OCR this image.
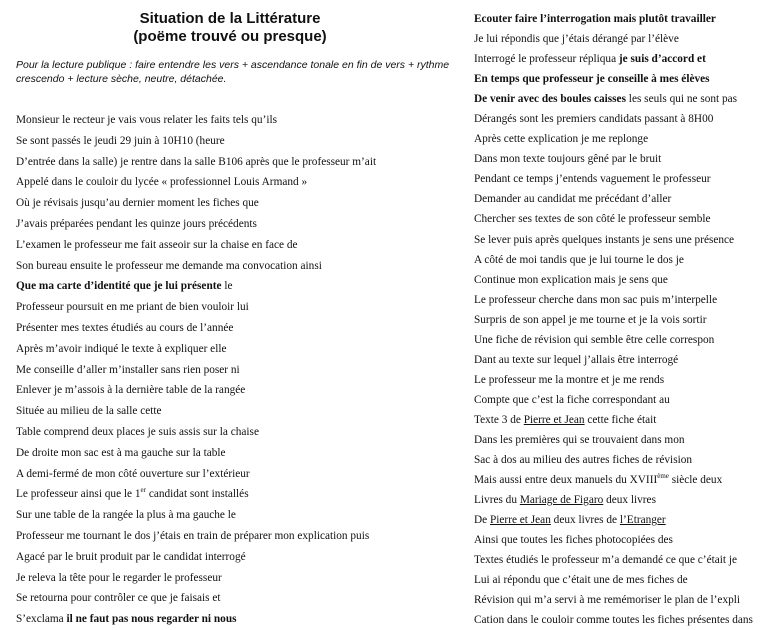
Situation de la Littérature
(poëme trouvé ou presque)
Pour la lecture publique : faire entendre les vers + ascendance tonale en fin de vers + rythme crescendo + lecture sèche, neutre, détachée.
Monsieur le recteur je vais vous relater les faits tels qu’ils
Se sont passés le jeudi 29 juin à 10H10 (heure
D’entrée dans la salle) je rentre dans la salle B106 après que le professeur m’ait
Appelé dans le couloir du lycée « professionnel Louis Armand »
Où je révisais jusqu’au dernier moment les fiches que
J’avais préparées pendant les quinze jours précédents
L’examen le professeur me fait asseoir sur la chaise en face de
Son bureau ensuite le professeur me demande ma convocation ainsi
Que ma carte d’identité que je lui présente le
Professeur poursuit en me priant de bien vouloir lui
Présenter mes textes étudiés au cours de l’année
Après m’avoir indiqué le texte à expliquer elle
Me conseille d’aller m’installer sans rien poser ni
Enlever je m’assois à la dernière table de la rangée
Située au milieu de la salle cette
Table comprend deux places je suis assis sur la chaise
De droite mon sac est à ma gauche sur la table
A demi-fermé de mon côté ouverture sur l’extérieur
Le professeur ainsi que le 1er candidat sont installés
Sur une table de la rangée la plus à ma gauche le
Professeur me tournant le dos j’étais en train de préparer mon explication puis
Agacé par le bruit produit par le candidat interrogé
Je releva la tête pour le regarder le professeur
Se retourna pour contrôler ce que je faisais et
S’exclama il ne faut pas nous regarder ni nous
Ecouter faire l’interrogation mais plutôt travailler
Je lui répondis que j’étais dérangé par l’élève
Interrogé le professeur répliqua je suis d’accord et
En temps que professeur je conseille à mes élèves
De venir avec des boules caisses les seuls qui ne sont pas
Dérangés sont les premiers candidats passant à 8H00
Après cette explication je me replonge
Dans mon texte toujours gêné par le bruit
Pendant ce temps j’entends vaguement le professeur
Demander au candidat me précédant d’aller
Chercher ses textes de son côté le professeur semble
Se lever puis après quelques instants je sens une présence
A côté de moi tandis que je lui tourne le dos je
Continue mon explication mais je sens que
Le professeur cherche dans mon sac puis m’interpelle
Surpris de son appel je me tourne et je la vois sortir
Une fiche de révision qui semble être celle correspon
Dant au texte sur lequel j’allais être interrogé
Le professeur me la montre et je me rends
Compte que c’est la fiche correspondant au
Texte 3 de Pierre et Jean cette fiche était
Dans les premières qui se trouvaient dans mon
Sac à dos au milieu des autres fiches de révision
Mais aussi entre deux manuels du XVIIIème siècle deux
Livres du Mariage de Figaro deux livres
De Pierre et Jean deux livres de l’Etranger
Ainsi que toutes les fiches photocopiées des
Textes étudiés le professeur m’a demandé ce que c’était je
Lui ai répondu que c’était une de mes fiches de
Révision qui m’a servi à me remémoriser le plan de l’expli
Cation dans le couloir comme toutes les fiches présentes dans
